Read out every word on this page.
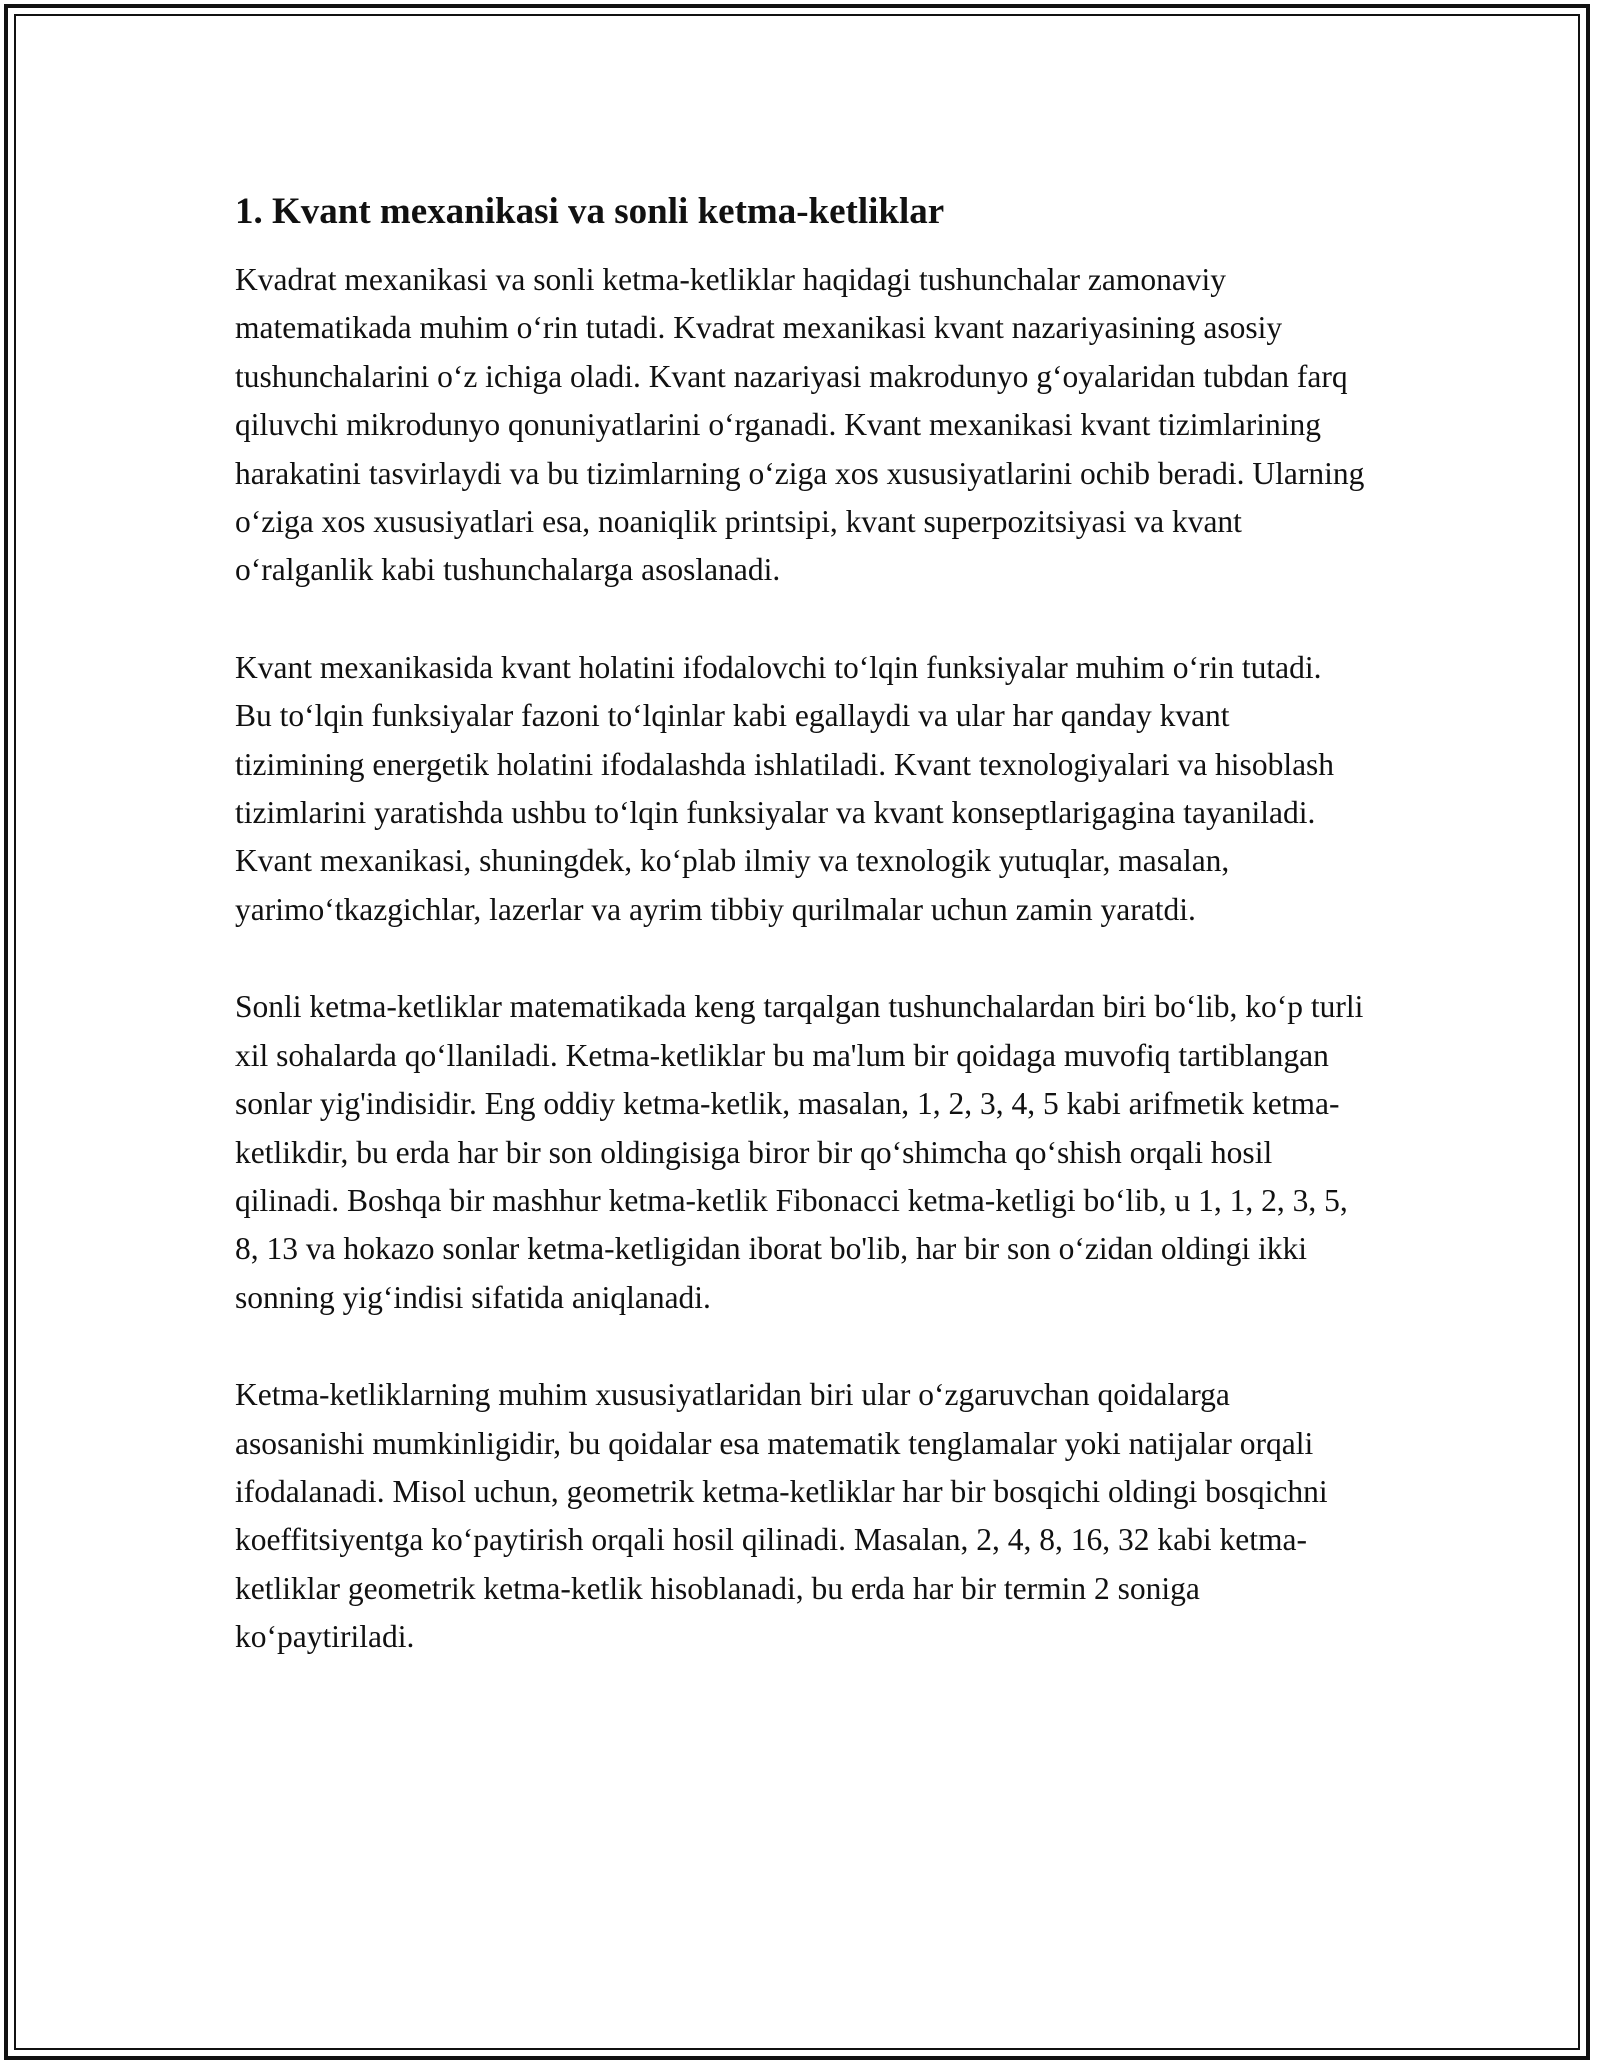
1. Kvant mexanikasi va sonli ketma-ketliklar

Kvadrat mexanikasi va sonli ketma-ketliklar haqidagi tushunchalar zamonaviy matematikada muhim oʻrin tutadi. Kvadrat mexanikasi kvant nazariyasining asosiy tushunchalarini oʻz ichiga oladi. Kvant nazariyasi makrodunyo gʻoyalaridan tubdan farq qiluvchi mikrodunyo qonuniyatlarini oʻrganadi. Kvant mexanikasi kvant tizimlarining harakatini tasvirlaydi va bu tizimlarning oʻziga xos xususiyatlarini ochib beradi. Ularning oʻziga xos xususiyatlari esa, noaniqlik printsipi, kvant superpozitsiyasi va kvant oʻralganlik kabi tushunchalarga asoslanadi.

Kvant mexanikasida kvant holatini ifodalovchi toʻlqin funksiyalar muhim oʻrin tutadi. Bu toʻlqin funksiyalar fazoni toʻlqinlar kabi egallaydi va ular har qanday kvant tizimining energetik holatini ifodalashda ishlatiladi. Kvant texnologiyalari va hisoblash tizimlarini yaratishda ushbu toʻlqin funksiyalar va kvant konseptlarigagina tayaniladi. Kvant mexanikasi, shuningdek, koʻplab ilmiy va texnologik yutuqlar, masalan, yarimoʻtkazgichlar, lazerlar va ayrim tibbiy qurilmalar uchun zamin yaratdi.

Sonli ketma-ketliklar matematikada keng tarqalgan tushunchalardan biri boʻlib, koʻp turli xil sohalarda qoʻllaniladi. Ketma-ketliklar bu ma'lum bir qoidaga muvofiq tartiblangan sonlar yig'indisidir. Eng oddiy ketma-ketlik, masalan, 1, 2, 3, 4, 5 kabi arifmetik ketma-ketlikdir, bu erda har bir son oldingisiga biror bir qoʻshimcha qoʻshish orqali hosil qilinadi. Boshqa bir mashhur ketma-ketlik Fibonacci ketma-ketligi boʻlib, u 1, 1, 2, 3, 5, 8, 13 va hokazo sonlar ketma-ketligidan iborat bo'lib, har bir son oʻzidan oldingi ikki sonning yigʻindisi sifatida aniqlanadi.

Ketma-ketliklarning muhim xususiyatlaridan biri ular oʻzgaruvchan qoidalarga asosanishi mumkinligidir, bu qoidalar esa matematik tenglamalar yoki natijalar orqali ifodalanadi. Misol uchun, geometrik ketma-ketliklar har bir bosqichi oldingi bosqichni koeffitsiyentga koʻpaytirish orqali hosil qilinadi. Masalan, 2, 4, 8, 16, 32 kabi ketma-ketliklar geometrik ketma-ketlik hisoblanadi, bu erda har bir termin 2 soniga koʻpaytiriladi.
